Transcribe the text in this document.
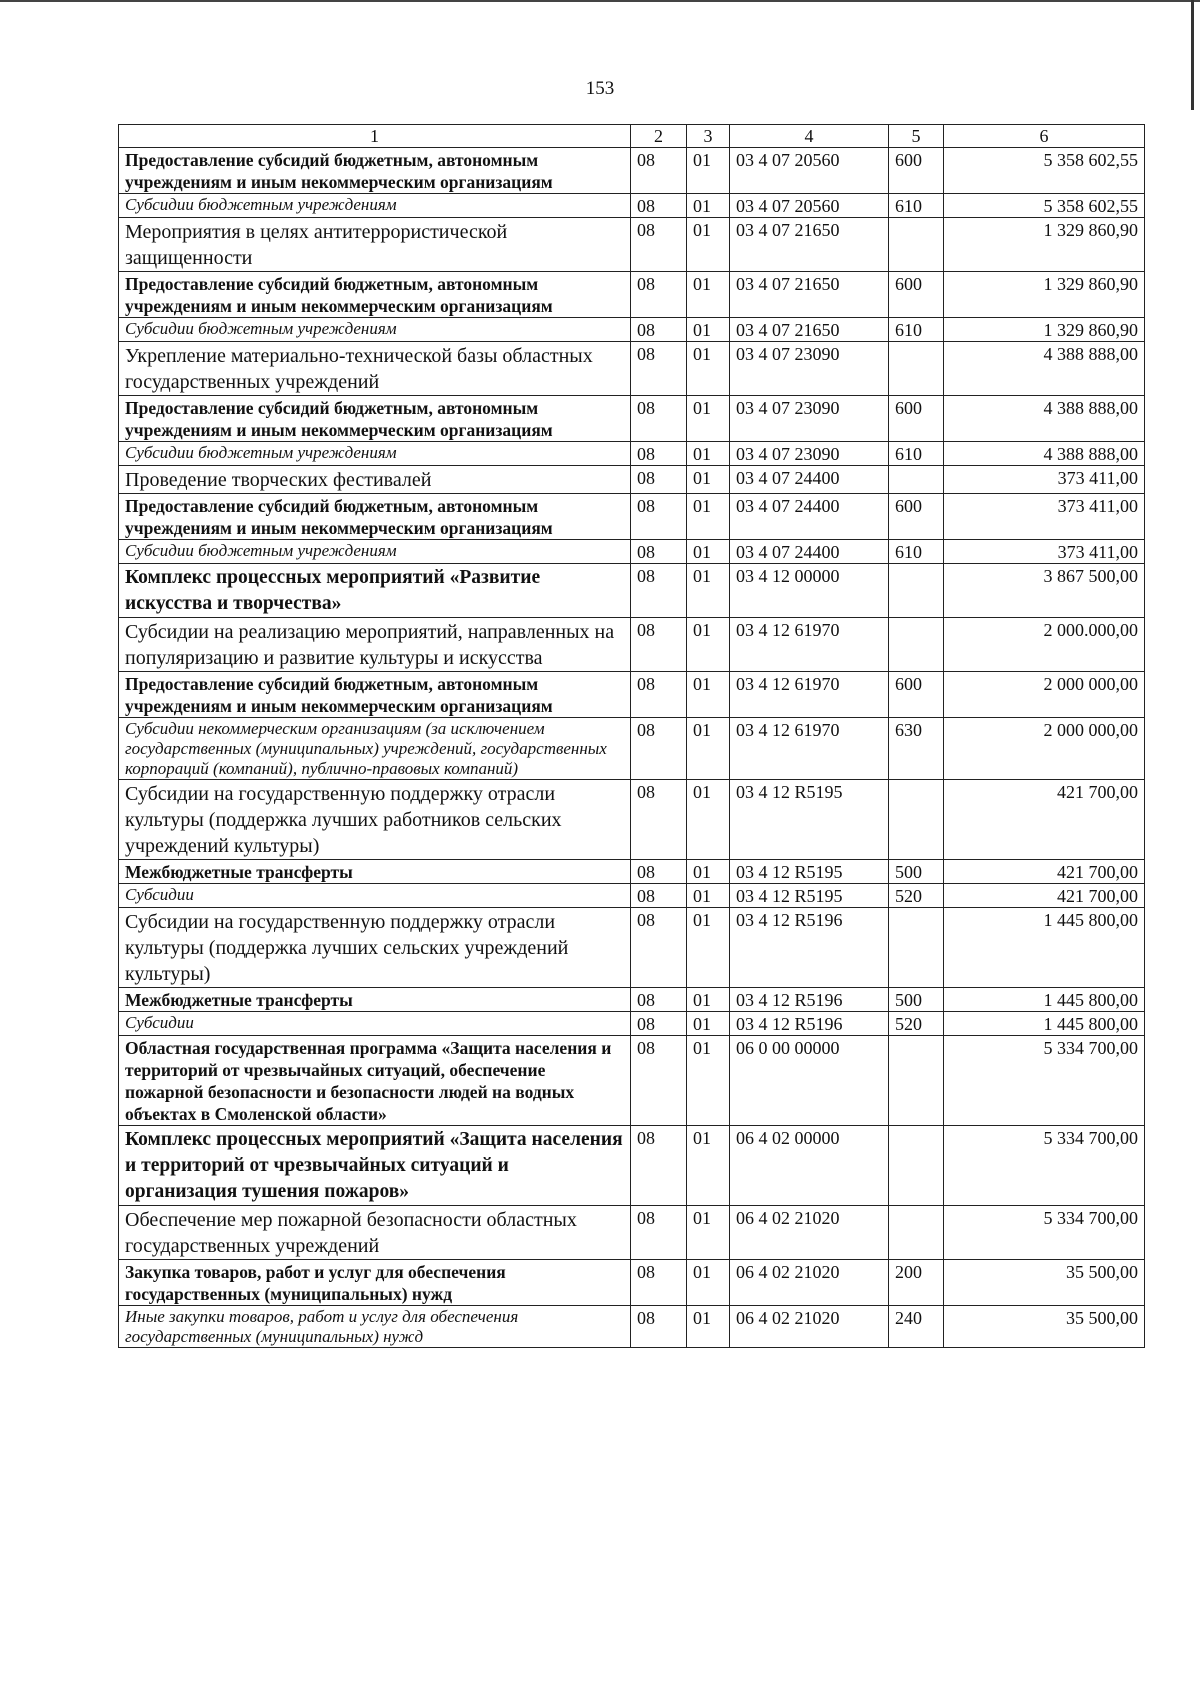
153
1	2	3	4	5	6
Предоставление субсидий бюджетным, автономным учреждениям и иным некоммерческим организациям	08	01	03 4 07 20560	600	5 358 602,55
Субсидии бюджетным учреждениям	08	01	03 4 07 20560	610	5 358 602,55
Мероприятия в целях антитеррористической защищенности	08	01	03 4 07 21650		1 329 860,90
Предоставление субсидий бюджетным, автономным учреждениям и иным некоммерческим организациям	08	01	03 4 07 21650	600	1 329 860,90
Субсидии бюджетным учреждениям	08	01	03 4 07 21650	610	1 329 860,90
Укрепление материально-технической базы областных государственных учреждений	08	01	03 4 07 23090		4 388 888,00
Предоставление субсидий бюджетным, автономным учреждениям и иным некоммерческим организациям	08	01	03 4 07 23090	600	4 388 888,00
Субсидии бюджетным учреждениям	08	01	03 4 07 23090	610	4 388 888,00
Проведение творческих фестивалей	08	01	03 4 07 24400		373 411,00
Предоставление субсидий бюджетным, автономным учреждениям и иным некоммерческим организациям	08	01	03 4 07 24400	600	373 411,00
Субсидии бюджетным учреждениям	08	01	03 4 07 24400	610	373 411,00
Комплекс процессных мероприятий «Развитие искусства и творчества»	08	01	03 4 12 00000		3 867 500,00
Субсидии на реализацию мероприятий, направленных на популяризацию и развитие культуры и искусства	08	01	03 4 12 61970		2 000.000,00
Предоставление субсидий бюджетным, автономным учреждениям и иным некоммерческим организациям	08	01	03 4 12 61970	600	2 000 000,00
Субсидии некоммерческим организациям (за исключением государственных (муниципальных) учреждений, государственных корпораций (компаний), публично-правовых компаний)	08	01	03 4 12 61970	630	2 000 000,00
Субсидии на государственную поддержку отрасли культуры (поддержка лучших работников сельских учреждений культуры)	08	01	03 4 12 R5195		421 700,00
Межбюджетные трансферты	08	01	03 4 12 R5195	500	421 700,00
Субсидии	08	01	03 4 12 R5195	520	421 700,00
Субсидии на государственную поддержку отрасли культуры (поддержка лучших сельских учреждений культуры)	08	01	03 4 12 R5196		1 445 800,00
Межбюджетные трансферты	08	01	03 4 12 R5196	500	1 445 800,00
Субсидии	08	01	03 4 12 R5196	520	1 445 800,00
Областная государственная программа «Защита населения и территорий от чрезвычайных ситуаций, обеспечение пожарной безопасности и безопасности людей на водных объектах в Смоленской области»	08	01	06 0 00 00000		5 334 700,00
Комплекс процессных мероприятий «Защита населения и территорий от чрезвычайных ситуаций и организация тушения пожаров»	08	01	06 4 02 00000		5 334 700,00
Обеспечение мер пожарной безопасности областных государственных учреждений	08	01	06 4 02 21020		5 334 700,00
Закупка товаров, работ и услуг для обеспечения государственных (муниципальных) нужд	08	01	06 4 02 21020	200	35 500,00
Иные закупки товаров, работ и услуг для обеспечения государственных (муниципальных) нужд	08	01	06 4 02 21020	240	35 500,00
